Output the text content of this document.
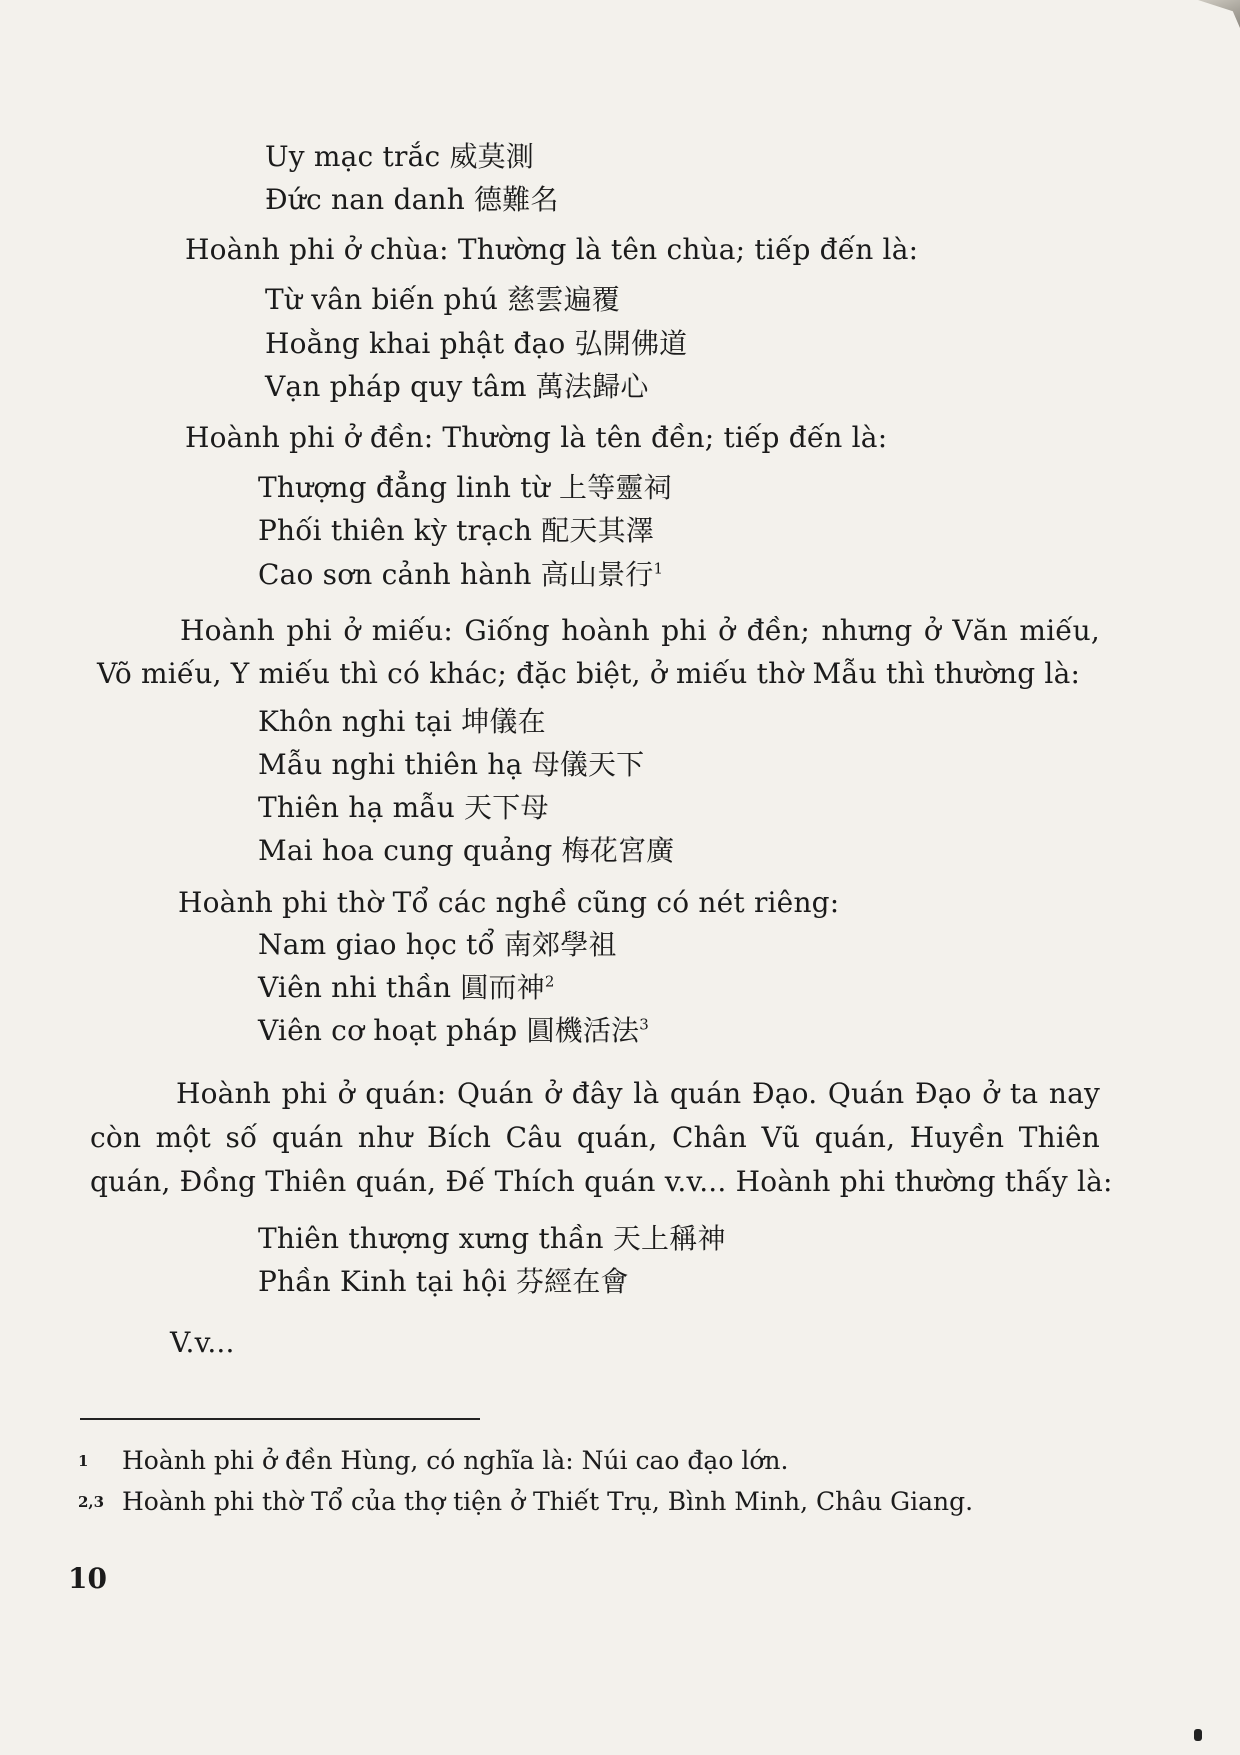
Uy mạc trắc 威莫測
Đức nan danh 德難名
Hoành phi ở chùa: Thường là tên chùa; tiếp đến là:
Từ vân biến phú 慈雲遍覆
Hoằng khai phật đạo 弘開佛道
Vạn pháp quy tâm 萬法歸心
Hoành phi ở đền: Thường là tên đền; tiếp đến là:
Thượng đẳng linh từ 上等靈祠
Phối thiên kỳ trạch 配天其澤
Cao sơn cảnh hành 高山景行$^1$
Hoành phi ở miếu: Giống hoành phi ở đền; nhưng ở Văn miếu,
Võ miếu, Y miếu thì có khác; đặc biệt, ở miếu thờ Mẫu thì thường là:
Khôn nghi tại 坤儀在
Mẫu nghi thiên hạ 母儀天下
Thiên hạ mẫu 天下母
Mai hoa cung quảng 梅花宮廣
Hoành phi thờ Tổ các nghề cũng có nét riêng:
Nam giao học tổ 南郊學祖
Viên nhi thần 圓而神$^2$
Viên cơ hoạt pháp 圓機活法$^3$
Hoành phi ở quán: Quán ở đây là quán Đạo. Quán Đạo ở ta nay
còn một số quán như Bích Câu quán, Chân Vũ quán, Huyền Thiên
quán, Đồng Thiên quán, Đế Thích quán v.v... Hoành phi thường thấy là:
Thiên thượng xưng thần 天上稱神
Phần Kinh tại hội 芬經在會
V.v...
1 Hoành phi ở đền Hùng, có nghĩa là: Núi cao đạo lớn.
2,3 Hoành phi thờ Tổ của thợ tiện ở Thiết Trụ, Bình Minh, Châu Giang.
10
